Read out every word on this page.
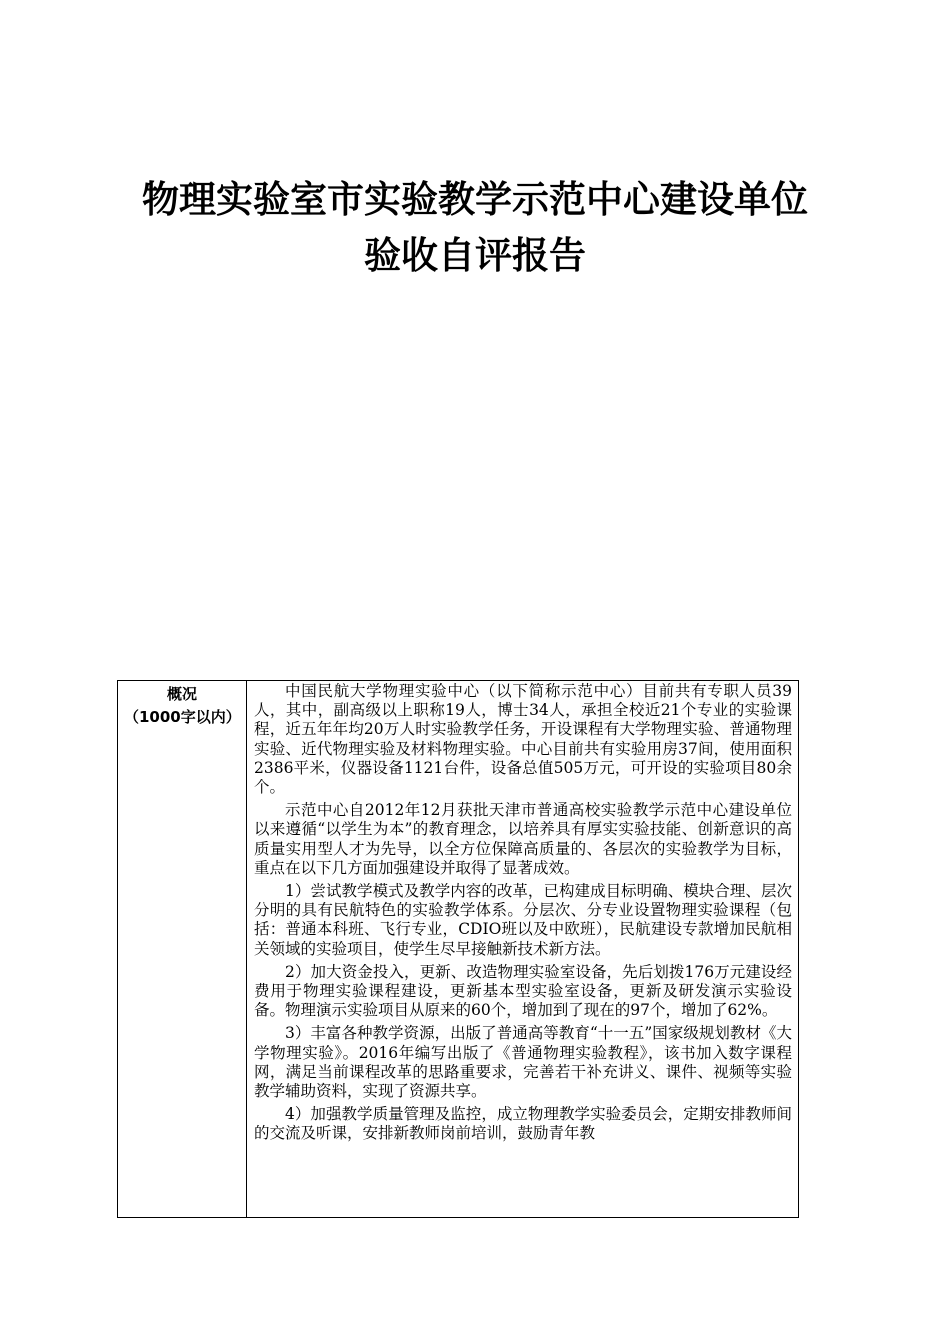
物理实验室市实验教学示范中心建设单位
验收自评报告
概况
（1000字以内）

中国民航大学物理实验中心（以下简称示范中心）目前共有专职人员39人，其中，副高级以上职称19人，博士34人，承担全校近21个专业的实验课程，近五年年均20万人时实验教学任务，开设课程有大学物理实验、普通物理实验、近代物理实验及材料物理实验。中心目前共有实验用房37间，使用面积2386平米，仪器设备1121台件，设备总值505万元，可开设的实验项目80余个。

示范中心自2012年12月获批天津市普通高校实验教学示范中心建设单位以来遵循“以学生为本”的教育理念，以培养具有厚实实验技能、创新意识的高质量实用型人才为先导，以全方位保障高质量的、各层次的实验教学为目标，重点在以下几方面加强建设并取得了显著成效。

1）尝试教学模式及教学内容的改革，已构建成目标明确、模块合理、层次分明的具有民航特色的实验教学体系。分层次、分专业设置物理实验课程（包括：普通本科班、飞行专业，CDIO班以及中欧班），民航建设专款增加民航相关领域的实验项目，使学生尽早接触新技术新方法。

2）加大资金投入，更新、改造物理实验室设备，先后划拨176万元建设经费用于物理实验课程建设，更新基本型实验室设备，更新及研发演示实验设备。物理演示实验项目从原来的60个，增加到了现在的97个，增加了62%。

3）丰富各种教学资源，出版了普通高等教育“十一五”国家级规划教材《大学物理实验》。2016年编写出版了《普通物理实验教程》，该书加入数字课程网，满足当前课程改革的思路重要求，完善若干补充讲义、课件、视频等实验教学辅助资料，实现了资源共享。

4）加强教学质量管理及监控，成立物理教学实验委员会，定期安排教师间的交流及听课，安排新教师岗前培训，鼓励青年教
